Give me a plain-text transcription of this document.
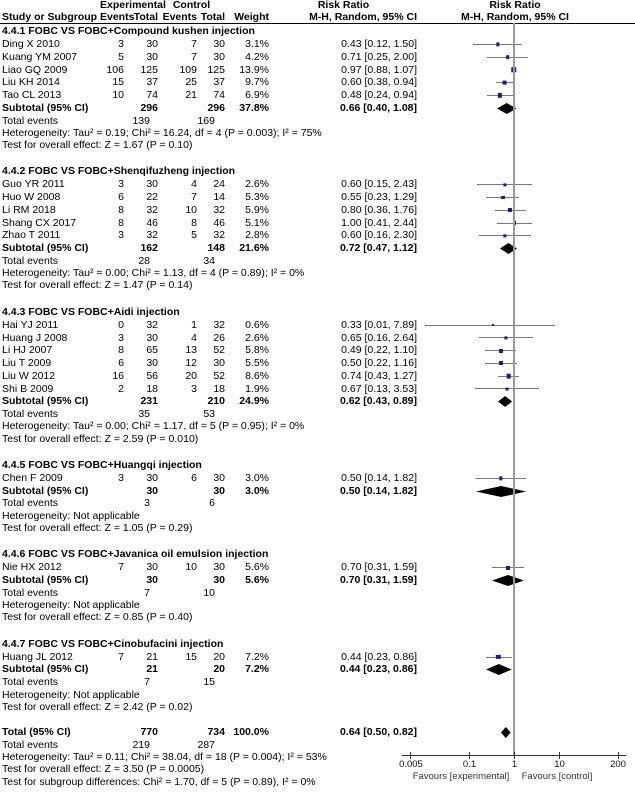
Experimental Control	Risk Ratio	Risk Ratio
Study or Subgroup Events Total Events Total Weight	M-H, Random, 95% CI	M-H, Random, 95% CI
4.4.1 FOBC VS FOBC+Compound kushen injection
Ding X 2010	3	30	7	30	3.1%	0.43 [0.12, 1.50]
Kuang YM 2007	5	30	7	30	4.2%	0.71 [0.25, 2.00]
Liao GQ 2009	106	125	109 125	13.9%	0.97 [0.88, 1.07]
Liu KH 2014	15	37	25	37	9.7%	0.60 [0.38, 0.94]
Tao CL 2013	10	74	21	74	6.9%	0.48 [0.24, 0.94]
Subtotal (95% CI)	296	296	37.8%	0.66 [0.40, 1.08]
Total events	139	169
Heterogeneity: Tau² = 0.19; Chi² = 16.24, df = 4 (P = 0.003); I² = 75%
Test for overall effect: Z = 1.67 (P = 0.10)
4.4.2 FOBC VS FOBC+Shenqifuzheng injection
Guo YR 2011	3	30	4	24	2.6%	0.60 [0.15, 2.43]
Huo W 2008	6	22	7	14	5.3%	0.55 [0.23, 1.29]
Li RM 2018	8	32	10	32	5.9%	0.80 [0.36, 1.76]
Shang CX 2017	8	46	8	46	5.1%	1.00 [0.41, 2.44]
Zhao T 2011	3	32	5	32	2.8%	0.60 [0.16, 2.30]
Subtotal (95% CI)	162	148	21.6%	0.72 [0.47, 1.12]
Total events	28	34
Heterogeneity: Tau² = 0.00; Chi² = 1.13, df = 4 (P = 0.89); I² = 0%
Test for overall effect: Z = 1.47 (P = 0.14)
4.4.3 FOBC VS FOBC+Aidi injection
Hai YJ 2011	0	32	1	32	0.6%	0.33 [0.01, 7.89]
Huang J 2008	3	30	4	26	2.6%	0.65 [0.16, 2.64]
Li HJ 2007	8	65	13	52	5.8%	0.49 [0.22, 1.10]
Liu T 2009	6	30	12	30	5.5%	0.50 [0.22, 1.16]
Liu W 2012	16	56	20	52	8.6%	0.74 [0.43, 1.27]
Shi B 2009	2	18	3	18	1.9%	0.67 [0.13, 3.53]
Subtotal (95% CI)	231	210	24.9%	0.62 [0.43, 0.89]
Total events	35	53
Heterogeneity: Tau² = 0.00; Chi² = 1.17, df = 5 (P = 0.95); I² = 0%
Test for overall effect: Z = 2.59 (P = 0.010)
4.4.5 FOBC VS FOBC+Huangqi injection
Chen F 2009	3	30	6	30	3.0%	0.50 [0.14, 1.82]
Subtotal (95% CI)	30	30	3.0%	0.50 [0.14, 1.82]
Total events	3	6
Heterogeneity: Not applicable
Test for overall effect: Z = 1.05 (P = 0.29)
4.4.6 FOBC VS FOBC+Javanica oil emulsion injection
Nie HX 2012	7	30	10	30	5.6%	0.70 [0.31, 1.59]
Subtotal (95% CI)	30	30	5.6%	0.70 [0.31, 1.59]
Total events	7	10
Heterogeneity: Not applicable
Test for overall effect: Z = 0.85 (P = 0.40)
4.4.7 FOBC VS FOBC+Cinobufacini injection
Huang JL 2012	7	21	15	20	7.2%	0.44 [0.23, 0.86]
Subtotal (95% CI)	21	20	7.2%	0.44 [0.23, 0.86]
Total events	7	15
Heterogeneity: Not applicable
Test for overall effect: Z = 2.42 (P = 0.02)
Total (95% CI)	770	734 100.0%	0.64 [0.50, 0.82]
Total events	219	287
Heterogeneity: Tau² = 0.11; Chi² = 38.04, df = 18 (P = 0.004); I² = 53%
Test for overall effect: Z = 3.50 (P = 0.0005)
Test for subgroup differences: Chi² = 1.70, df = 5 (P = 0.89), I² = 0%
0.005	0.1	1	10	200
Favours [experimental]	Favours [control]
